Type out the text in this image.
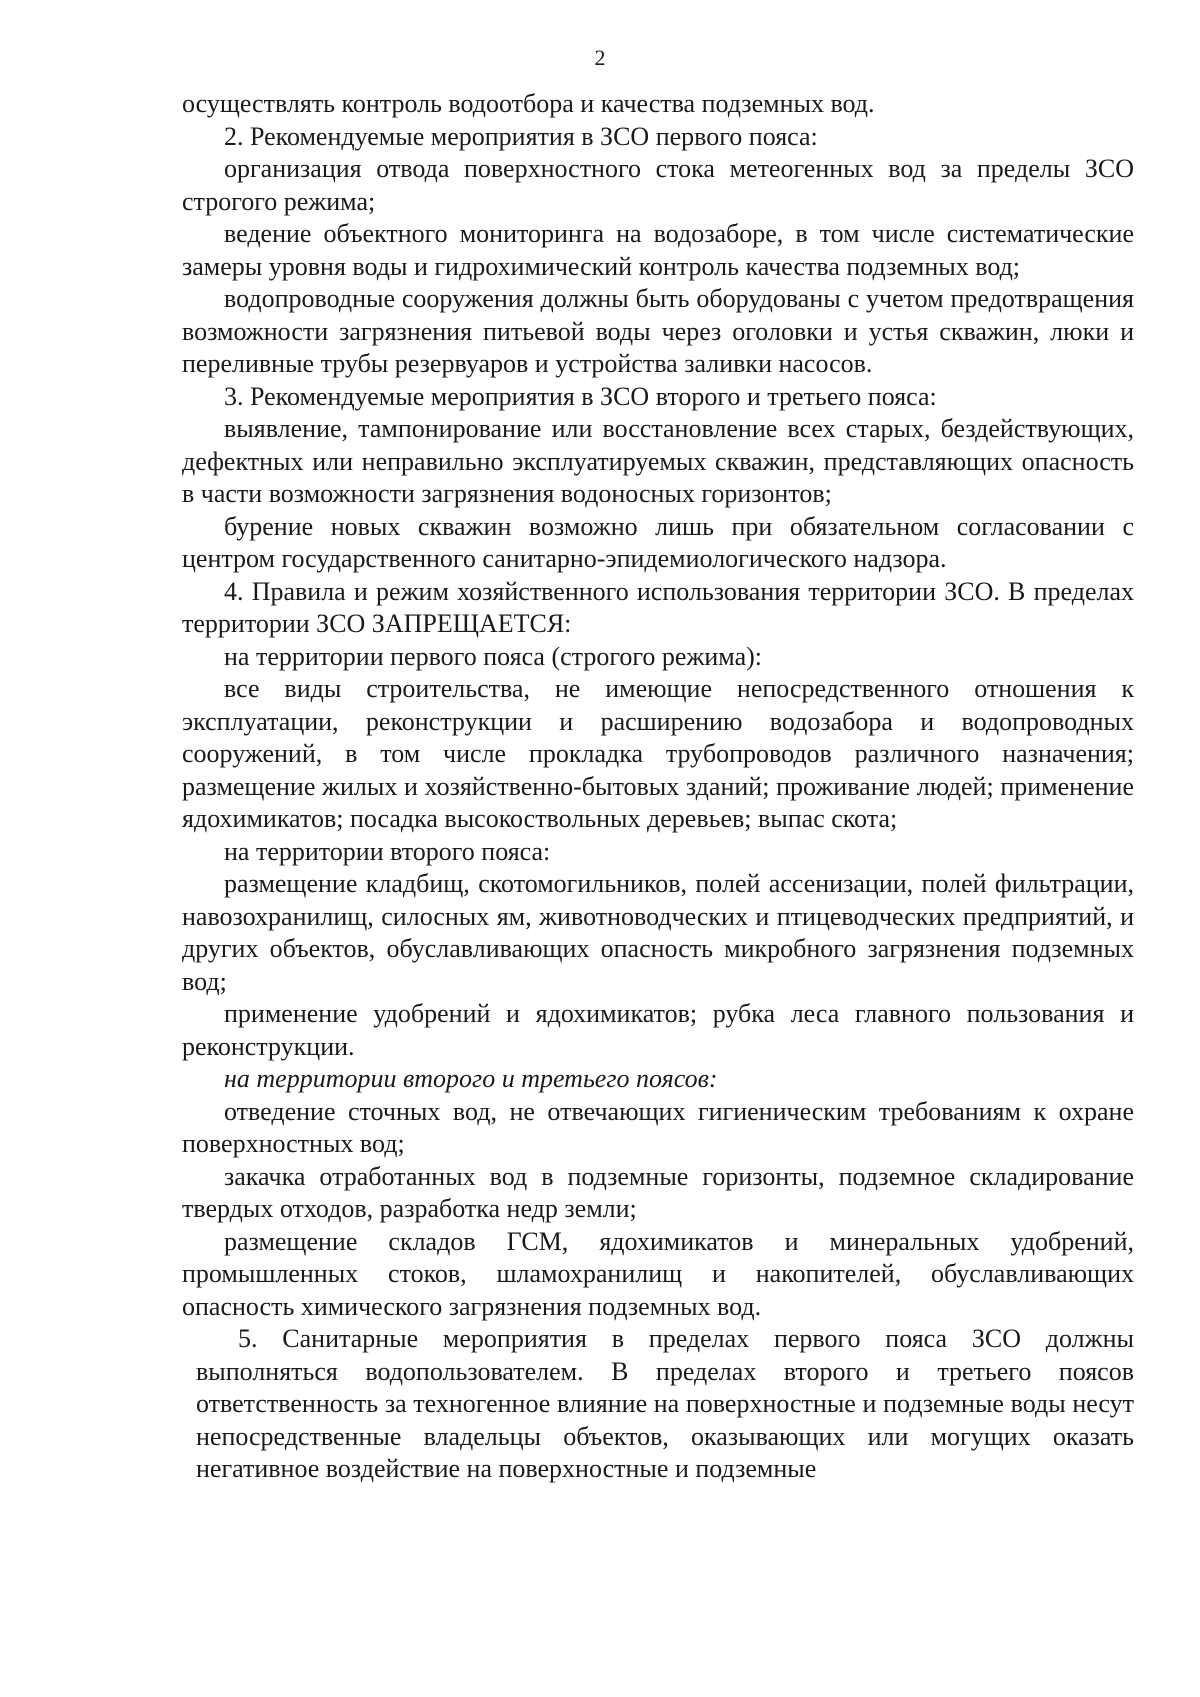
2

осуществлять контроль водоотбора и качества подземных вод.

2. Рекомендуемые мероприятия в ЗСО первого пояса:

организация отвода поверхностного стока метеогенных вод за пределы ЗСО строгого режима;

ведение объектного мониторинга на водозаборе, в том числе систематические замеры уровня воды и гидрохимический контроль качества подземных вод;

водопроводные сооружения должны быть оборудованы с учетом предотвращения возможности загрязнения питьевой воды через оголовки и устья скважин, люки и переливные трубы резервуаров и устройства заливки насосов.

3. Рекомендуемые мероприятия в ЗСО второго и третьего пояса:

выявление, тампонирование или восстановление всех старых, бездействующих, дефектных или неправильно эксплуатируемых скважин, представляющих опасность в части возможности загрязнения водоносных горизонтов;

бурение новых скважин возможно лишь при обязательном согласовании с центром государственного санитарно-эпидемиологического надзора.

4. Правила и режим хозяйственного использования территории ЗСО. В пределах территории ЗСО ЗАПРЕЩАЕТСЯ:

на территории первого пояса (строгого режима):

все виды строительства, не имеющие непосредственного отношения к эксплуатации, реконструкции и расширению водозабора и водопроводных сооружений, в том числе прокладка трубопроводов различного назначения; размещение жилых и хозяйственно-бытовых зданий; проживание людей; применение ядохимикатов; посадка высокоствольных деревьев; выпас скота;

на территории второго пояса:

размещение кладбищ, скотомогильников, полей ассенизации, полей фильтрации, навозохранилищ, силосных ям, животноводческих и птицеводческих предприятий, и других объектов, обуславливающих опасность микробного загрязнения подземных вод;

применение удобрений и ядохимикатов; рубка леса главного пользования и реконструкции.

на территории второго и третьего поясов:

отведение сточных вод, не отвечающих гигиеническим требованиям к охране поверхностных вод;

закачка отработанных вод в подземные горизонты, подземное складирование твердых отходов, разработка недр земли;

размещение складов ГСМ, ядохимикатов и минеральных удобрений, промышленных стоков, шламохранилищ и накопителей, обуславливающих опасность химического загрязнения подземных вод.

5. Санитарные мероприятия в пределах первого пояса ЗСО должны выполняться водопользователем. В пределах второго и третьего поясов ответственность за техногенное влияние на поверхностные и подземные воды несут непосредственные владельцы объектов, оказывающих или могущих оказать негативное воздействие на поверхностные и подземные
